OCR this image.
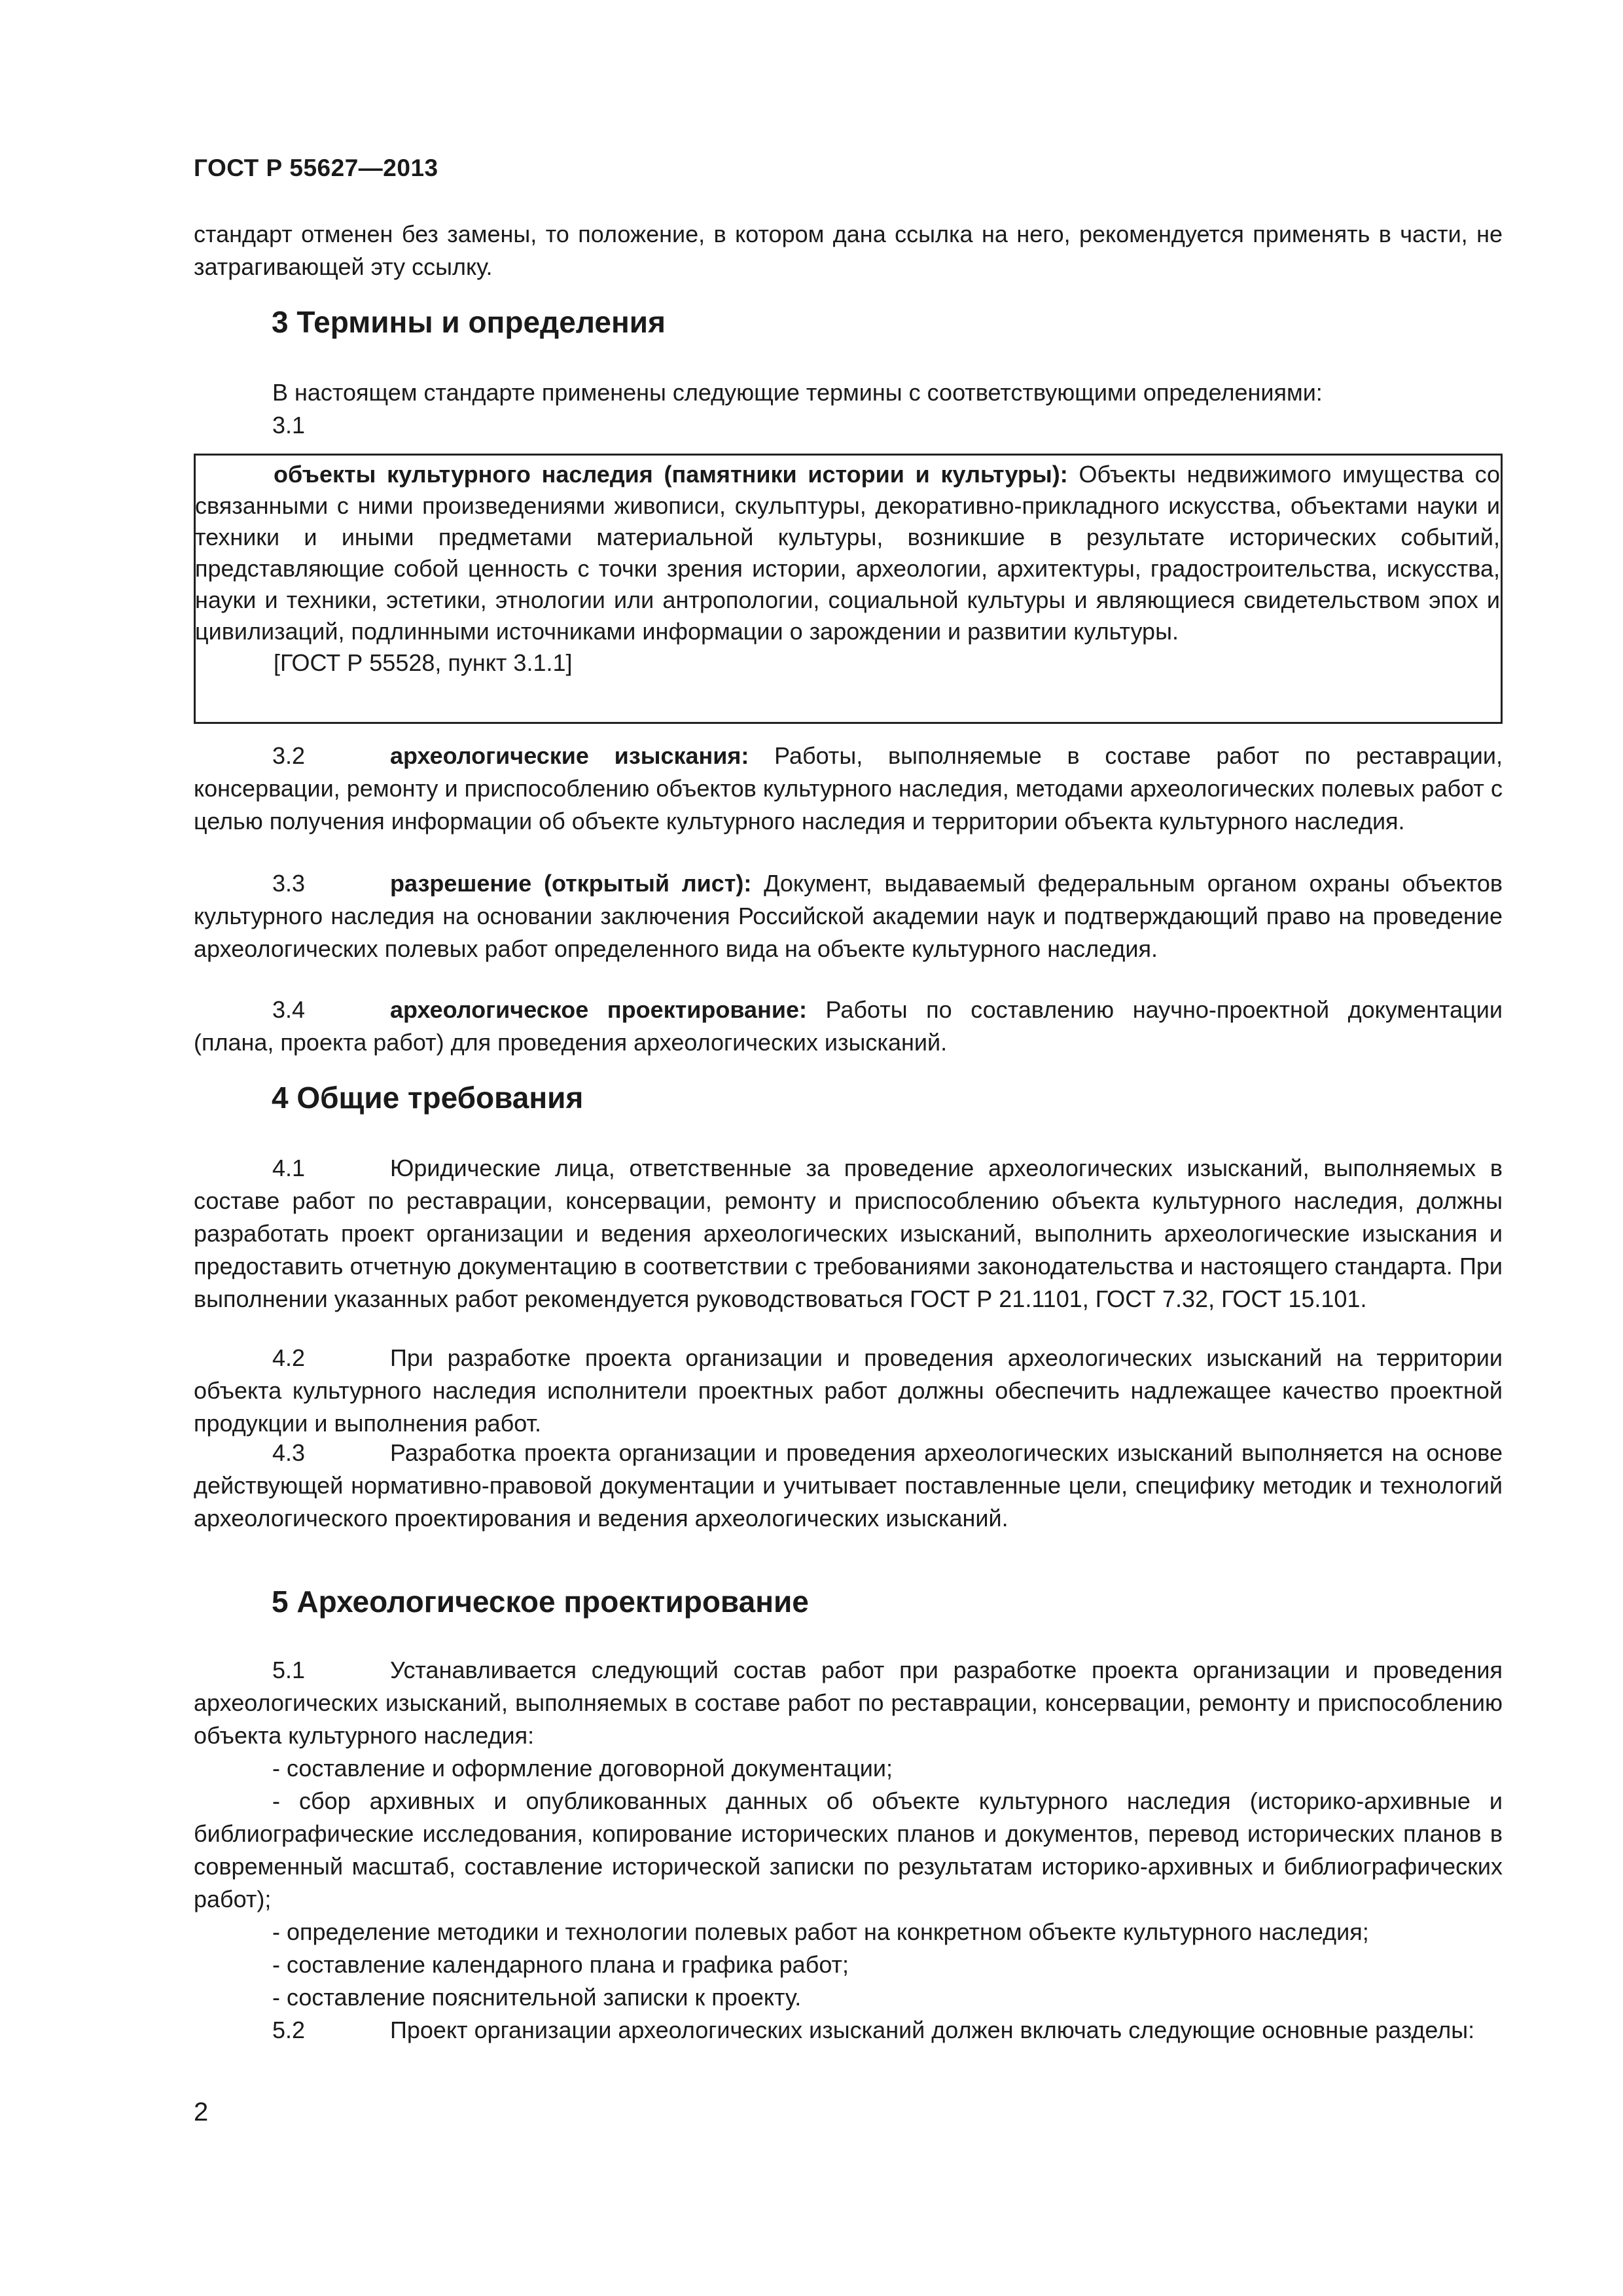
ГОСТ Р 55627—2013
стандарт отменен без замены, то положение, в котором дана ссылка на него, рекомендуется применять в части, не затрагивающей эту ссылку.
3 Термины и определения
В настоящем стандарте применены следующие термины с соответствующими определениями:
3.1

объекты культурного наследия (памятники истории и культуры): Объекты недвижимого имущества со связанными с ними произведениями живописи, скульптуры, декоративно-прикладного искусства, объектами науки и техники и иными предметами материальной культуры, возникшие в результате исторических событий, представляющие собой ценность с точки зрения истории, археологии, архитектуры, градостроительства, искусства, науки и техники, эстетики, этнологии или антропологии, социальной культуры и являющиеся свидетельством эпох и цивилизаций, подлинными источниками информации о зарождении и развитии культуры.

[ГОСТ Р 55528, пункт 3.1.1]

3.2	археологические изыскания: Работы, выполняемые в составе работ по реставрации, консервации, ремонту и приспособлению объектов культурного наследия, методами археологических полевых работ с целью получения информации об объекте культурного наследия и территории объекта культурного наследия.
3.3	разрешение (открытый лист): Документ, выдаваемый федеральным органом охраны объектов культурного наследия на основании заключения Российской академии наук и подтверждающий право на проведение археологических полевых работ определенного вида на объекте культурного наследия.
3.4	археологическое проектирование: Работы по составлению научно-проектной документации (плана, проекта работ) для проведения археологических изысканий.
4 Общие требования
4.1	Юридические лица, ответственные за проведение археологических изысканий, выполняемых в составе работ по реставрации, консервации, ремонту и приспособлению объекта культурного наследия, должны разработать проект организации и ведения археологических изысканий, выполнить археологические изыскания и предоставить отчетную документацию в соответствии с требованиями законодательства и настоящего стандарта. При выполнении указанных работ рекомендуется руководствоваться ГОСТ Р 21.1101, ГОСТ 7.32, ГОСТ 15.101.
4.2	При разработке проекта организации и проведения археологических изысканий на территории объекта культурного наследия исполнители проектных работ должны обеспечить надлежащее качество проектной продукции и выполнения работ.
4.3	Разработка проекта организации и проведения археологических изысканий выполняется на основе действующей нормативно-правовой документации и учитывает поставленные цели, специфику методик и технологий археологического проектирования и ведения археологических изысканий.
5 Археологическое проектирование

5.1	Устанавливается следующий состав работ при разработке проекта организации и проведения археологических изысканий, выполняемых в составе работ по реставрации, консервации, ремонту и приспособлению объекта культурного наследия:

- составление и оформление договорной документации;

- сбор архивных и опубликованных данных об объекте культурного наследия (историко-архивные и библиографические исследования, копирование исторических планов и документов, перевод исторических планов в современный масштаб, составление исторической записки по результатам историко-архивных и библиографических работ);

- определение методики и технологии полевых работ на конкретном объекте культурного наследия;

- составление календарного плана и графика работ;

- составление пояснительной записки к проекту.

5.2	Проект организации археологических изысканий должен включать следующие основные разделы:

2
